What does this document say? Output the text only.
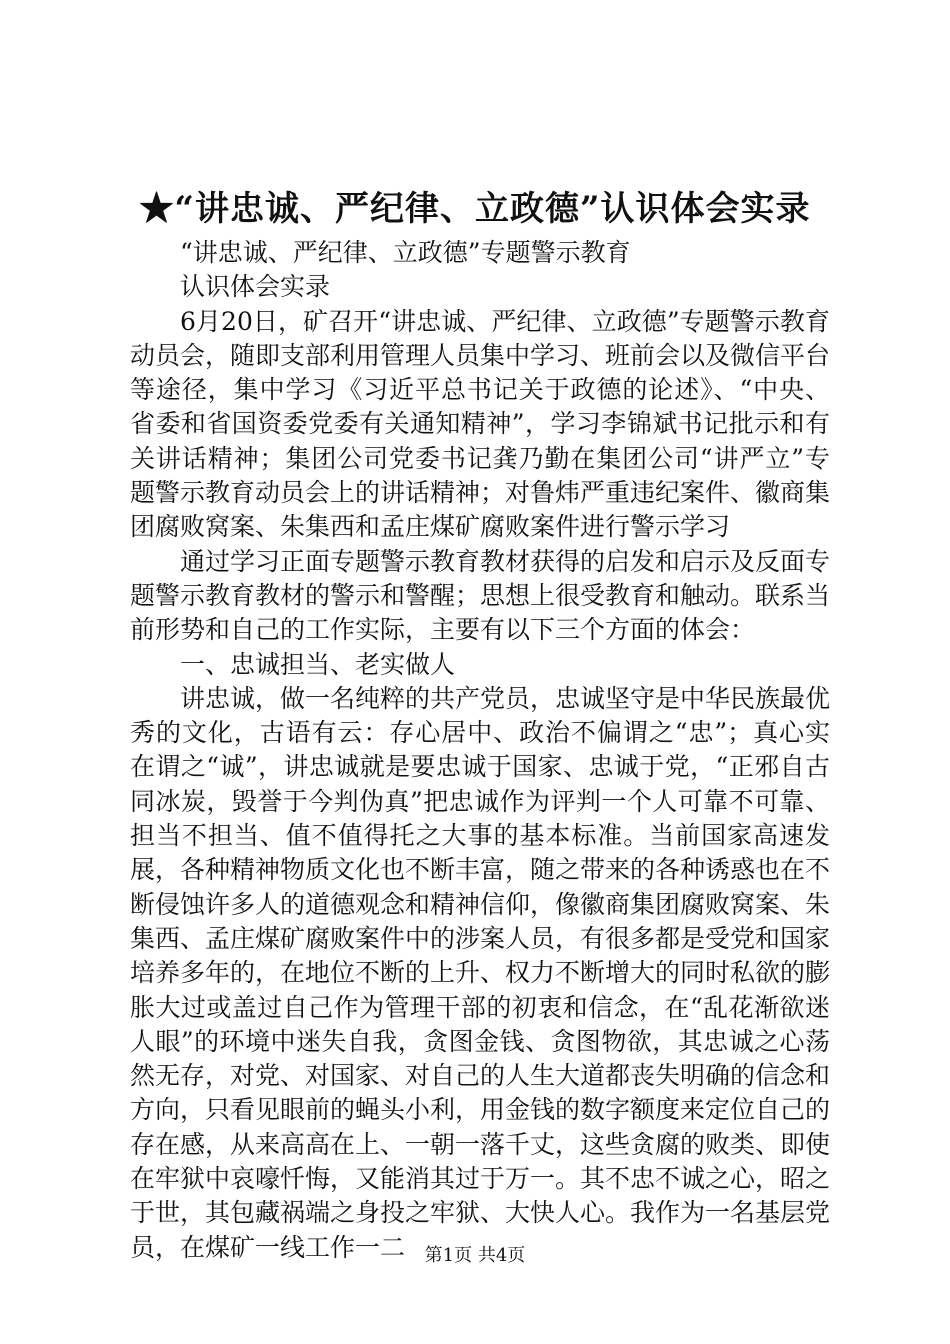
★“讲忠诚、严纪律、立政德”认识体会实录

“讲忠诚、严纪律、立政德”专题警示教育

认识体会实录

6月20日，矿召开“讲忠诚、严纪律、立政德”专题警示教育动员会，随即支部利用管理人员集中学习、班前会以及微信平台等途径，集中学习《习近平总书记关于政德的论述》、“中央、省委和省国资委党委有关通知精神”，学习李锦斌书记批示和有关讲话精神；集团公司党委书记龚乃勤在集团公司“讲严立”专题警示教育动员会上的讲话精神；对鲁炜严重违纪案件、徽商集团腐败窝案、朱集西和孟庄煤矿腐败案件进行警示学习

通过学习正面专题警示教育教材获得的启发和启示及反面专题警示教育教材的警示和警醒；思想上很受教育和触动。联系当前形势和自己的工作实际，主要有以下三个方面的体会：

一、忠诚担当、老实做人

讲忠诚，做一名纯粹的共产党员，忠诚坚守是中华民族最优秀的文化，古语有云：存心居中、政治不偏谓之“忠”；真心实在谓之“诚”，讲忠诚就是要忠诚于国家、忠诚于党，“正邪自古同冰炭，毁誉于今判伪真”把忠诚作为评判一个人可靠不可靠、担当不担当、值不值得托之大事的基本标准。当前国家高速发展，各种精神物质文化也不断丰富，随之带来的各种诱惑也在不断侵蚀许多人的道德观念和精神信仰，像徽商集团腐败窝案、朱集西、孟庄煤矿腐败案件中的涉案人员，有很多都是受党和国家培养多年的，在地位不断的上升、权力不断增大的同时私欲的膨胀大过或盖过自己作为管理干部的初衷和信念，在“乱花渐欲迷人眼”的环境中迷失自我，贪图金钱、贪图物欲，其忠诚之心荡然无存，对党、对国家、对自己的人生大道都丧失明确的信念和方向，只看见眼前的蝇头小利，用金钱的数字额度来定位自己的存在感，从来高高在上、一朝一落千丈，这些贪腐的败类、即使在牢狱中哀嚎忏悔，又能消其过于万一。其不忠不诚之心，昭之于世，其包藏祸端之身投之牢狱、大快人心。我作为一名基层党员，在煤矿一线工作一二	第1页 共4页
